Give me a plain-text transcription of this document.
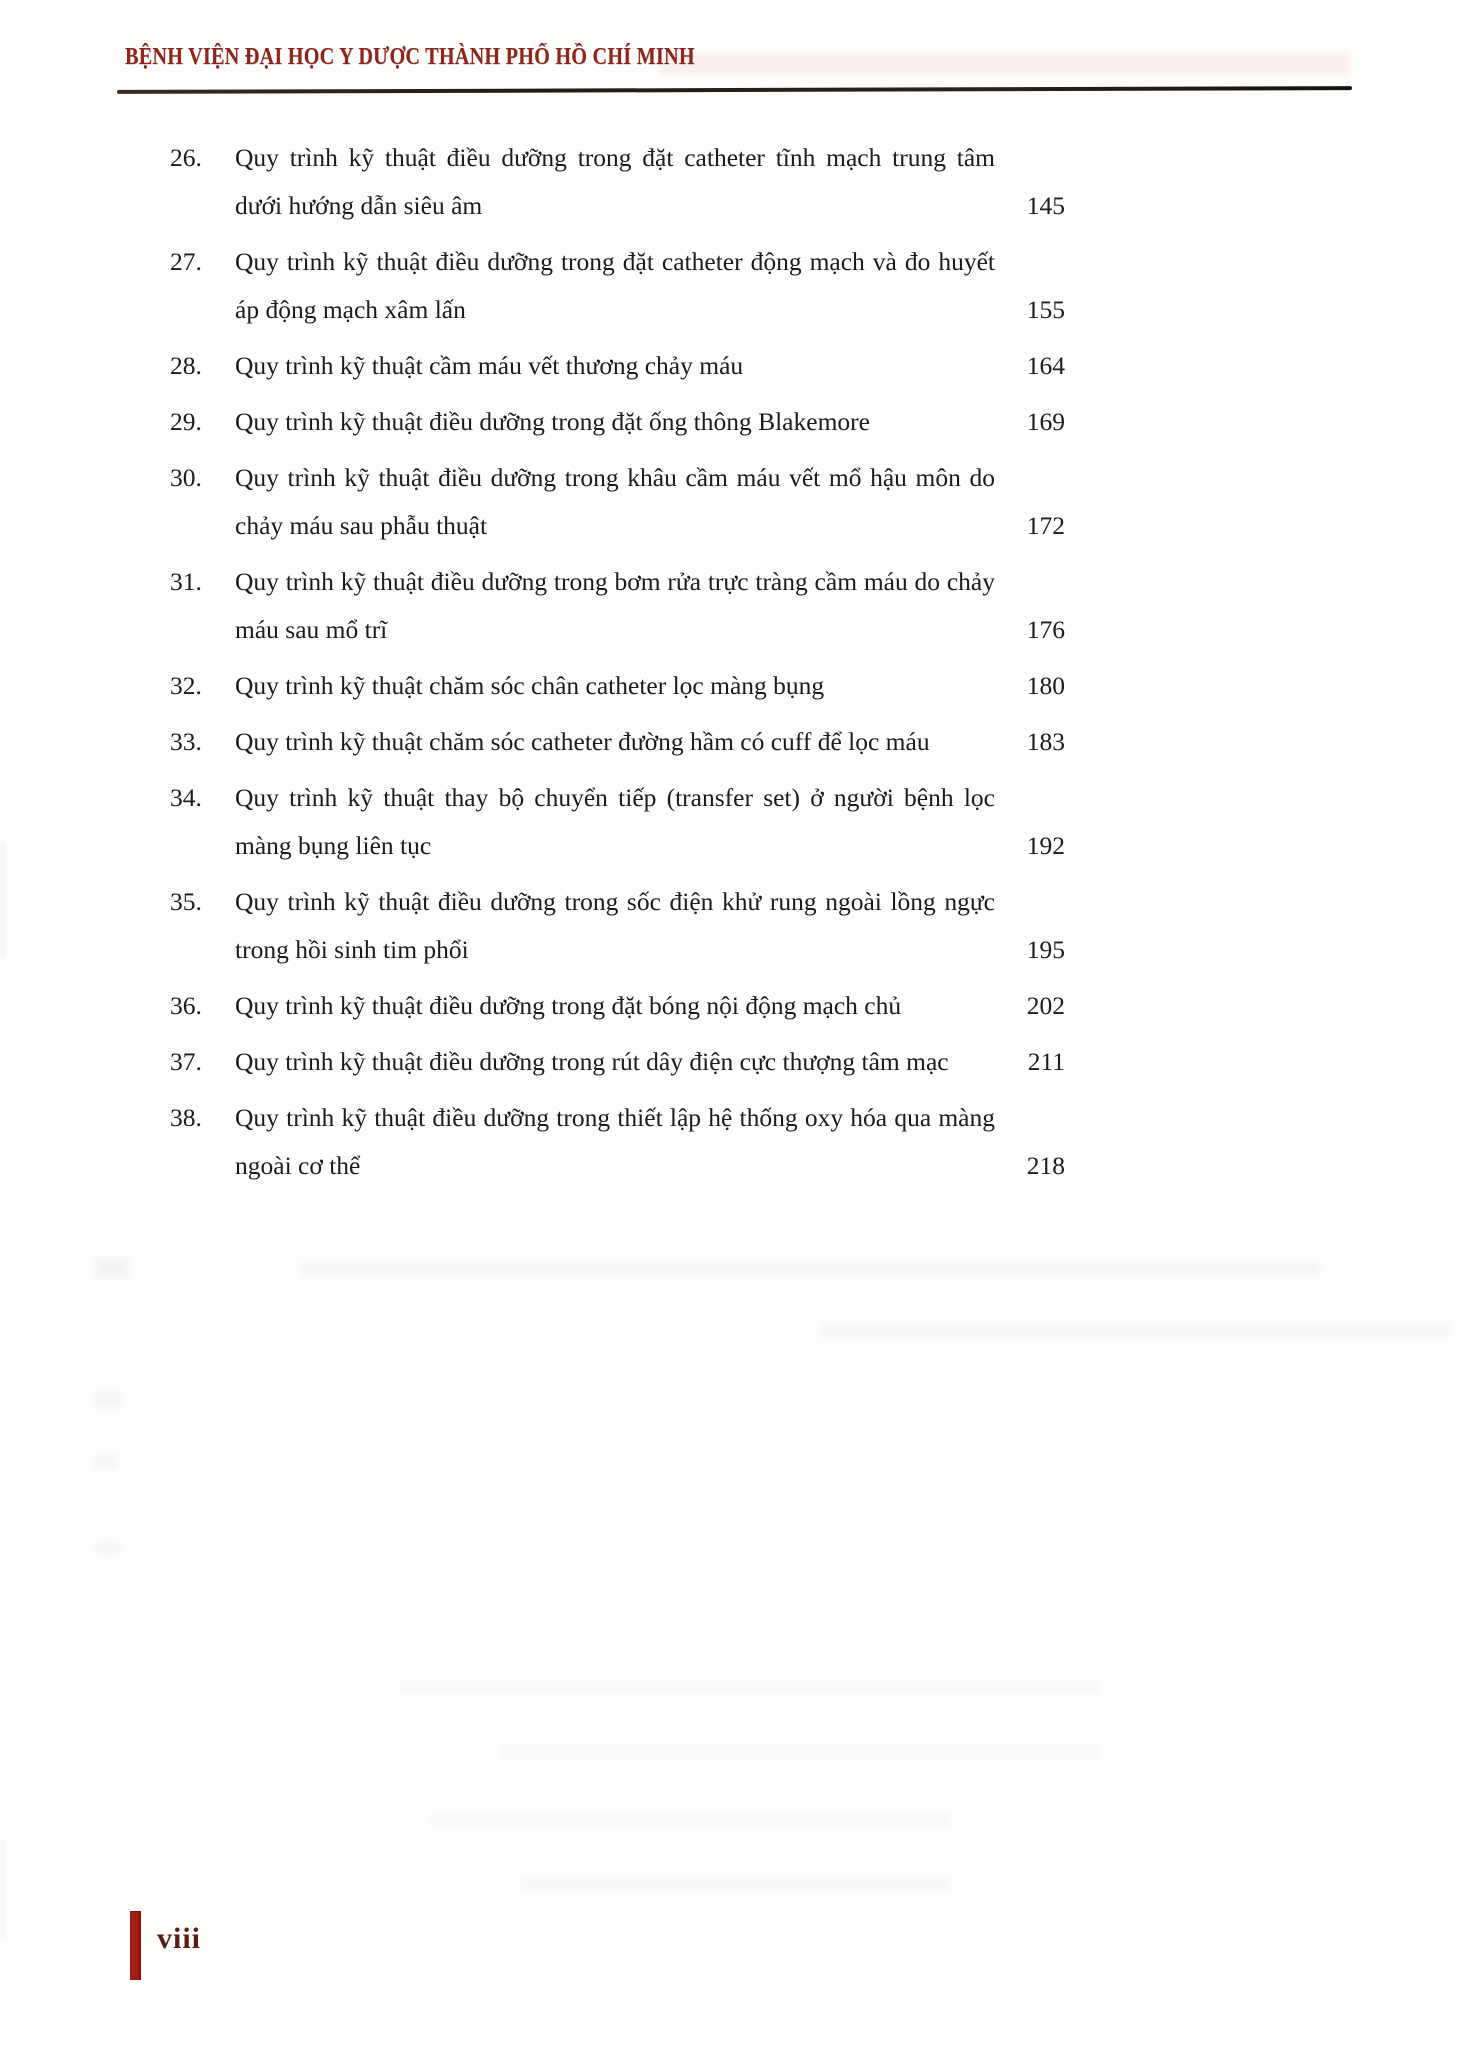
BỆNH VIỆN ĐẠI HỌC Y DƯỢC THÀNH PHỐ HỒ CHÍ MINH
26.	Quy trình kỹ thuật điều dưỡng trong đặt catheter tĩnh mạch trung tâm dưới hướng dẫn siêu âm	145
27.	Quy trình kỹ thuật điều dưỡng trong đặt catheter động mạch và đo huyết áp động mạch xâm lấn	155
28.	Quy trình kỹ thuật cầm máu vết thương chảy máu	164
29.	Quy trình kỹ thuật điều dưỡng trong đặt ống thông Blakemore	169
30.	Quy trình kỹ thuật điều dưỡng trong khâu cầm máu vết mổ hậu môn do chảy máu sau phẫu thuật	172
31.	Quy trình kỹ thuật điều dưỡng trong bơm rửa trực tràng cầm máu do chảy máu sau mổ trĩ	176
32.	Quy trình kỹ thuật chăm sóc chân catheter lọc màng bụng	180
33.	Quy trình kỹ thuật chăm sóc catheter đường hầm có cuff để lọc máu	183
34.	Quy trình kỹ thuật thay bộ chuyển tiếp (transfer set) ở người bệnh lọc màng bụng liên tục	192
35.	Quy trình kỹ thuật điều dưỡng trong sốc điện khử rung ngoài lồng ngực trong hồi sinh tim phổi	195
36.	Quy trình kỹ thuật điều dưỡng trong đặt bóng nội động mạch chủ	202
37.	Quy trình kỹ thuật điều dưỡng trong rút dây điện cực thượng tâm mạc	211
38.	Quy trình kỹ thuật điều dưỡng trong thiết lập hệ thống oxy hóa qua màng ngoài cơ thể	218
viii
